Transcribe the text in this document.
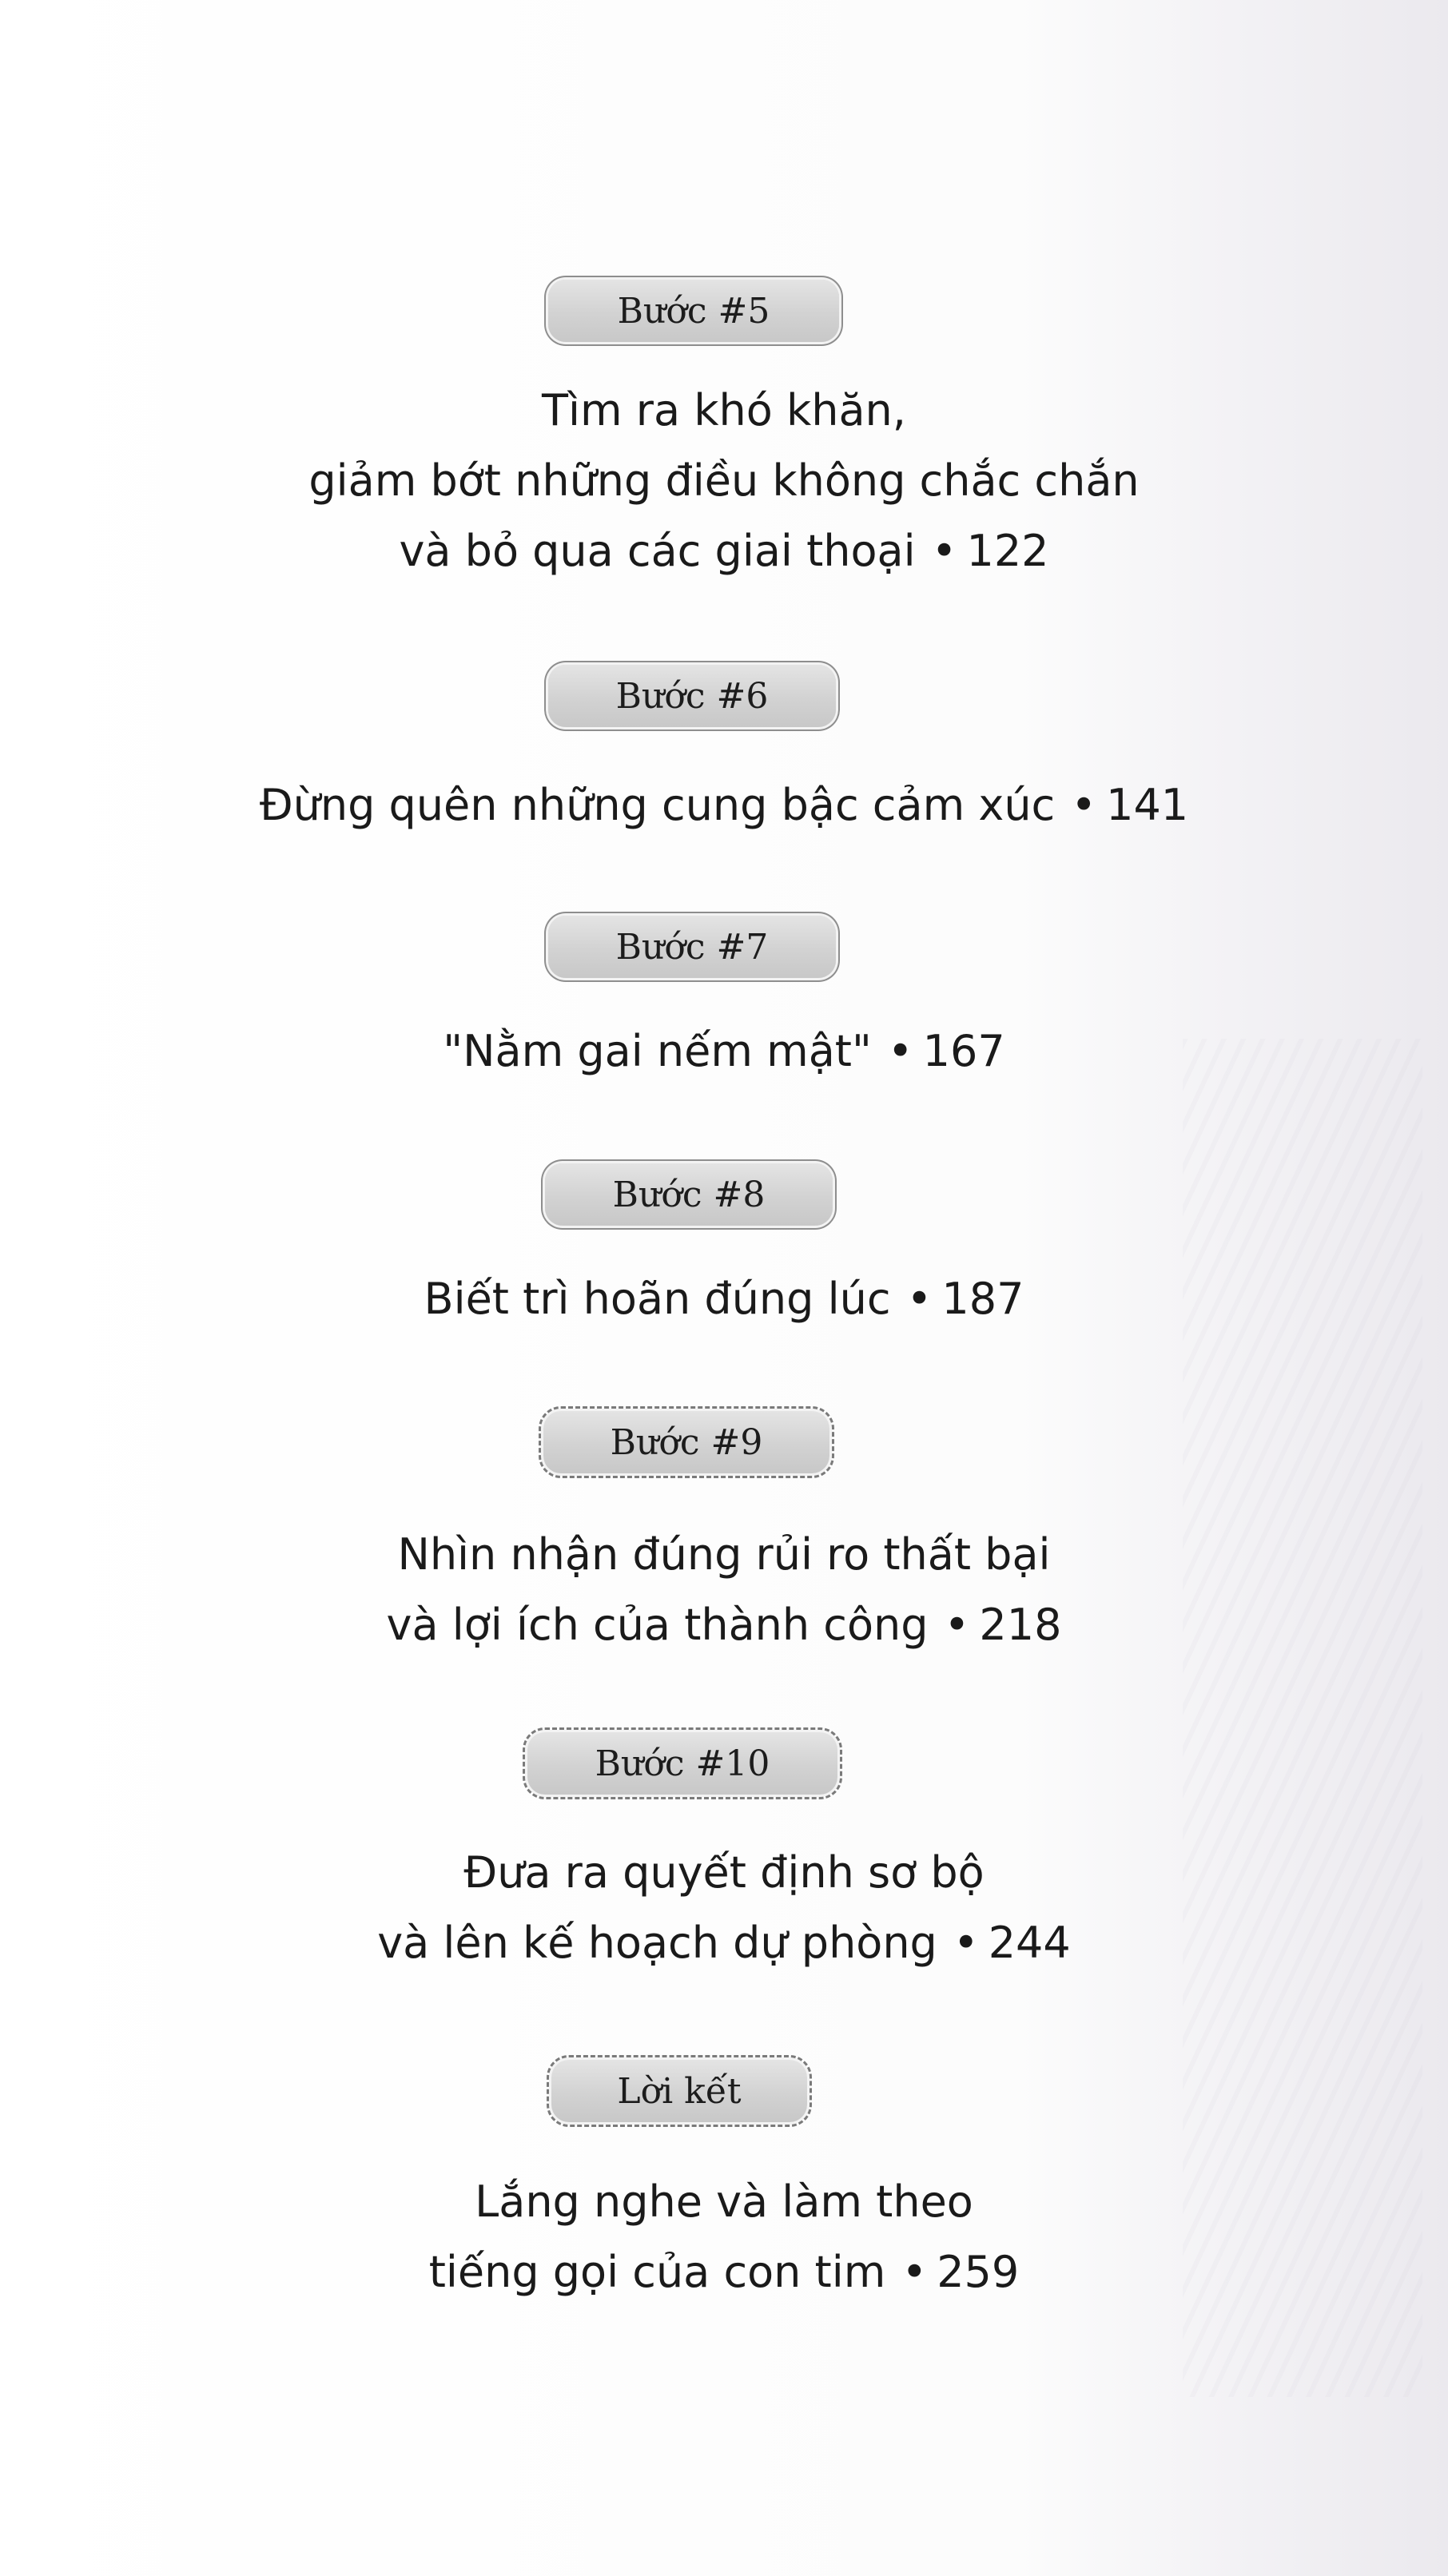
Bước #5
Tìm ra khó khăn,
giảm bớt những điều không chắc chắn
và bỏ qua các giai thoại • 122
Bước #6
Đừng quên những cung bậc cảm xúc • 141
Bước #7
"Nằm gai nếm mật" • 167
Bước #8
Biết trì hoãn đúng lúc • 187
Bước #9
Nhìn nhận đúng rủi ro thất bại
và lợi ích của thành công • 218
Bước #10
Đưa ra quyết định sơ bộ
và lên kế hoạch dự phòng • 244
Lời kết
Lắng nghe và làm theo
tiếng gọi của con tim • 259
